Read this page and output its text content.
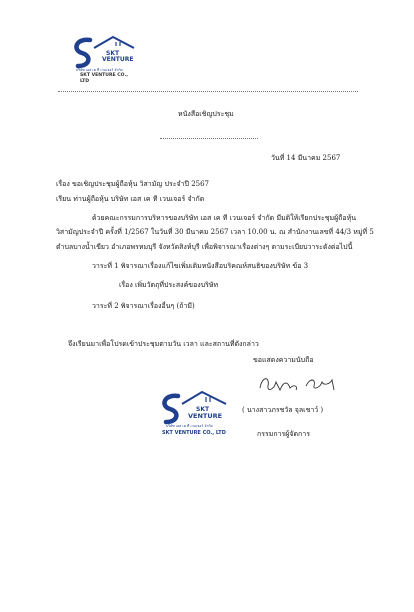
SKT
VENTURE
บริษัท เอส เค ที เวนเจอร์ จำกัด
SKT VENTURE CO., LTD
หนังสือเชิญประชุม
วันที่ 14 มีนาคม 2567
เรื่อง ขอเชิญประชุมผู้ถือหุ้น วิสามัญ ประจำปี 2567
เรียน ท่านผู้ถือหุ้น บริษัท เอส เค ที เวนเจอร์ จำกัด
ด้วยคณะกรรมการบริหารของบริษัท เอส เค ที เวนเจอร์ จำกัด มีมติให้เรียกประชุมผู้ถือหุ้น
วิสามัญประจำปี ครั้งที่ 1/2567 ในวันที่ 30 มีนาคม 2567 เวลา 10.00 น. ณ สำนักงานเลขที่ 44/3 หมู่ที่ 5
ตำบลบางน้ำเขียว อำเภอพรหมบุรี จังหวัดสิงห์บุรี เพื่อพิจารณาเรื่องต่างๆ ตามระเบียบวาระดังต่อไปนี้
วาระที่ 1 พิจารณาเรื่องแก้ไขเพิ่มเติมหนังสือบริคณห์สนธิของบริษัท ข้อ 3
เรื่อง เพิ่มวัตถุที่ประสงค์ของบริษัท
วาระที่ 2 พิจารณาเรื่องอื่นๆ (ถ้ามี)
จึงเรียนมาเพื่อโปรดเข้าประชุมตามวัน เวลา และสถานที่ดังกล่าว
ขอแสดงความนับถือ
( นางสาวภรชวัล จุลเชาว์ )
กรรมการผู้จัดการ
SKT
VENTURE
บริษัท เอส เค ที เวนเจอร์ จำกัด
SKT VENTURE CO., LTD
